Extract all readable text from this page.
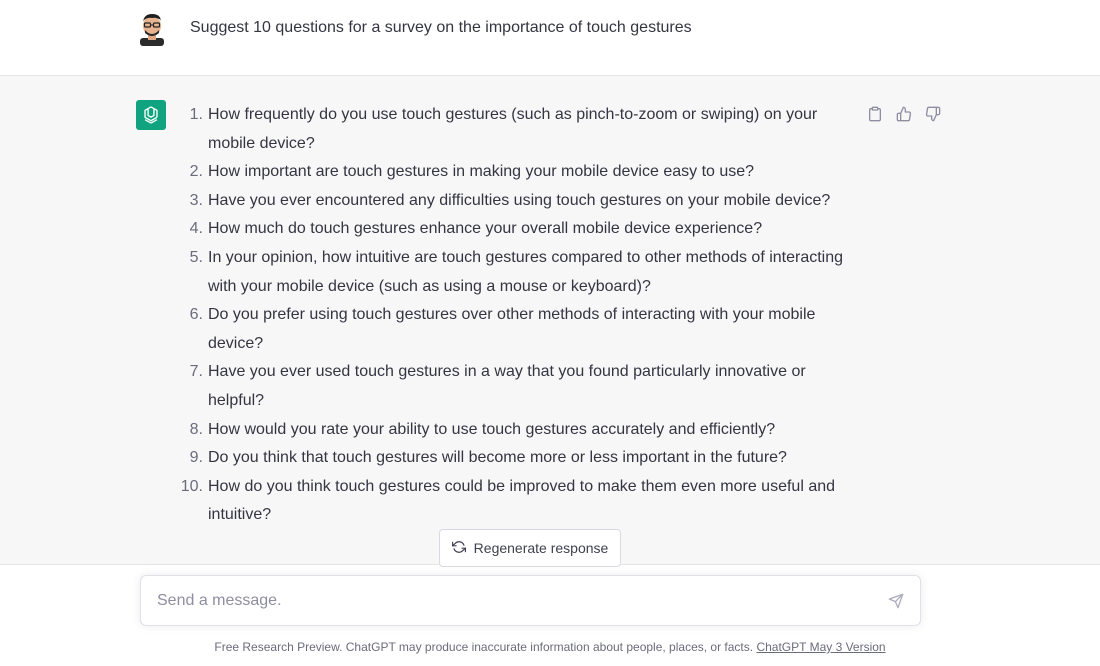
Suggest 10 questions for a survey on the importance of touch gestures
1. How frequently do you use touch gestures (such as pinch-to-zoom or swiping) on your mobile device?
2. How important are touch gestures in making your mobile device easy to use?
3. Have you ever encountered any difficulties using touch gestures on your mobile device?
4. How much do touch gestures enhance your overall mobile device experience?
5. In your opinion, how intuitive are touch gestures compared to other methods of interacting with your mobile device (such as using a mouse or keyboard)?
6. Do you prefer using touch gestures over other methods of interacting with your mobile device?
7. Have you ever used touch gestures in a way that you found particularly innovative or helpful?
8. How would you rate your ability to use touch gestures accurately and efficiently?
9. Do you think that touch gestures will become more or less important in the future?
10. How do you think touch gestures could be improved to make them even more useful and intuitive?
Regenerate response
Send a message.
Free Research Preview. ChatGPT may produce inaccurate information about people, places, or facts. ChatGPT May 3 Version
